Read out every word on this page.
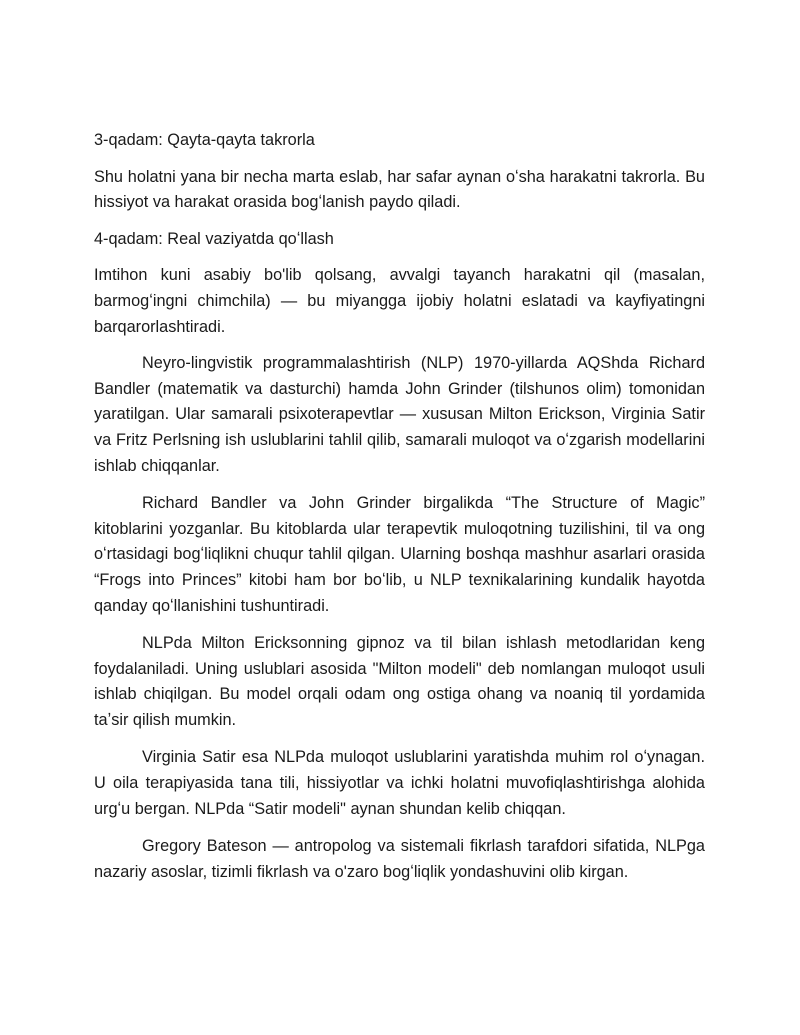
3-qadam: Qayta-qayta takrorla

Shu holatni yana bir necha marta eslab, har safar aynan oʻsha harakatni takrorla. Bu hissiyot va harakat orasida bogʻlanish paydo qiladi.

4-qadam: Real vaziyatda qoʻllash

Imtihon kuni asabiy bo'lib qolsang, avvalgi tayanch harakatni qil (masalan, barmogʻingni chimchila) — bu miyangga ijobiy holatni eslatadi va kayfiyatingni barqarorlashtiradi.

Neyro-lingvistik programmalashtirish (NLP) 1970-yillarda AQShda Richard Bandler (matematik va dasturchi) hamda John Grinder (tilshunos olim) tomonidan yaratilgan. Ular samarali psixoterapevtlar — xususan Milton Erickson, Virginia Satir va Fritz Perlsning ish uslublarini tahlil qilib, samarali muloqot va oʻzgarish modellarini ishlab chiqqanlar.

Richard Bandler va John Grinder birgalikda “The Structure of Magic” kitoblarini yozganlar. Bu kitoblarda ular terapevtik muloqotning tuzilishini, til va ong oʻrtasidagi bogʻliqlikni chuqur tahlil qilgan. Ularning boshqa mashhur asarlari orasida “Frogs into Princes” kitobi ham bor boʻlib, u NLP texnikalarining kundalik hayotda qanday qoʻllanishini tushuntiradi.

NLPda Milton Ericksonning gipnoz va til bilan ishlash metodlaridan keng foydalaniladi. Uning uslublari asosida "Milton modeli" deb nomlangan muloqot usuli ishlab chiqilgan. Bu model orqali odam ong ostiga ohang va noaniq til yordamida taʼsir qilish mumkin.

Virginia Satir esa NLPda muloqot uslublarini yaratishda muhim rol oʻynagan. U oila terapiyasida tana tili, hissiyotlar va ichki holatni muvofiqlashtirishga alohida urgʻu bergan. NLPda “Satir modeli" aynan shundan kelib chiqqan.

Gregory Bateson — antropolog va sistemali fikrlash tarafdori sifatida, NLPga nazariy asoslar, tizimli fikrlash va o'zaro bogʻliqlik yondashuvini olib kirgan.
